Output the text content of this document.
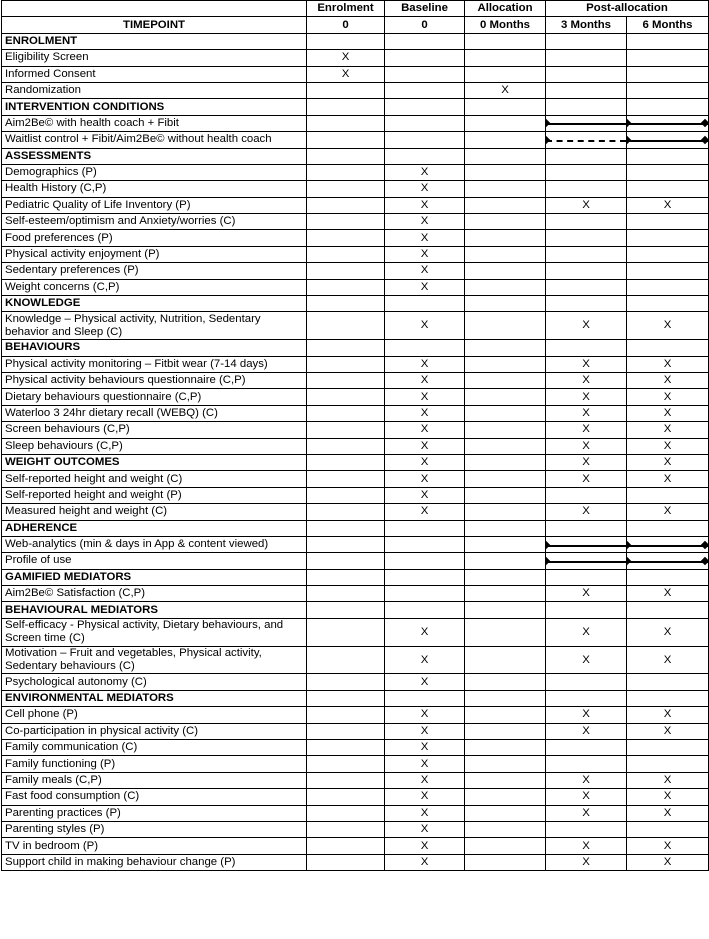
	Enrolment	Baseline	Allocation	Post-allocation	
TIMEPOINT	0	0	0 Months	3 Months	6 Months
ENROLMENT					
Eligibility Screen	X				
Informed Consent	X				
Randomization			X		
INTERVENTION CONDITIONS					
Aim2Be© with health coach + Fibit				

Waitlist control + Fibit/Aim2Be© without health coach				

ASSESSMENTS					
Demographics (P)		X			
Health History (C,P)		X			
Pediatric Quality of Life Inventory (P)		X		X	X
Self-esteem/optimism and Anxiety/worries (C)		X			
Food preferences (P)		X			
Physical activity enjoyment (P)		X			
Sedentary preferences (P)		X			
Weight concerns (C,P)		X			
KNOWLEDGE					
Knowledge – Physical activity, Nutrition, Sedentary behavior and Sleep (C)		X		X	X
BEHAVIOURS					
Physical activity monitoring – Fitbit wear (7-14 days)		X		X	X
Physical activity behaviours questionnaire (C,P)		X		X	X
Dietary behaviours questionnaire (C,P)		X		X	X
Waterloo 3 24hr dietary recall (WEBQ) (C)		X		X	X
Screen behaviours (C,P)		X		X	X
Sleep behaviours (C,P)		X		X	X
WEIGHT OUTCOMES		X		X	X
Self-reported height and weight (C)		X		X	X
Self-reported height and weight (P)		X			
Measured height and weight (C)		X		X	X
ADHERENCE					
Web-analytics (min & days in App & content viewed)				

Profile of use				

GAMIFIED MEDIATORS					
Aim2Be© Satisfaction (C,P)				X	X
BEHAVIOURAL MEDIATORS					
Self-efficacy - Physical activity, Dietary behaviours, and Screen time (C)		X		X	X
Motivation – Fruit and vegetables, Physical activity, Sedentary behaviours (C)		X		X	X
Psychological autonomy (C)		X			
ENVIRONMENTAL MEDIATORS					
Cell phone (P)		X		X	X
Co-participation in physical activity (C)		X		X	X
Family communication (C)		X			
Family functioning (P)		X			
Family meals (C,P)		X		X	X
Fast food consumption (C)		X		X	X
Parenting practices (P)		X		X	X
Parenting styles (P)		X			
TV in bedroom (P)		X		X	X
Support child in making behaviour change (P)		X		X	X
